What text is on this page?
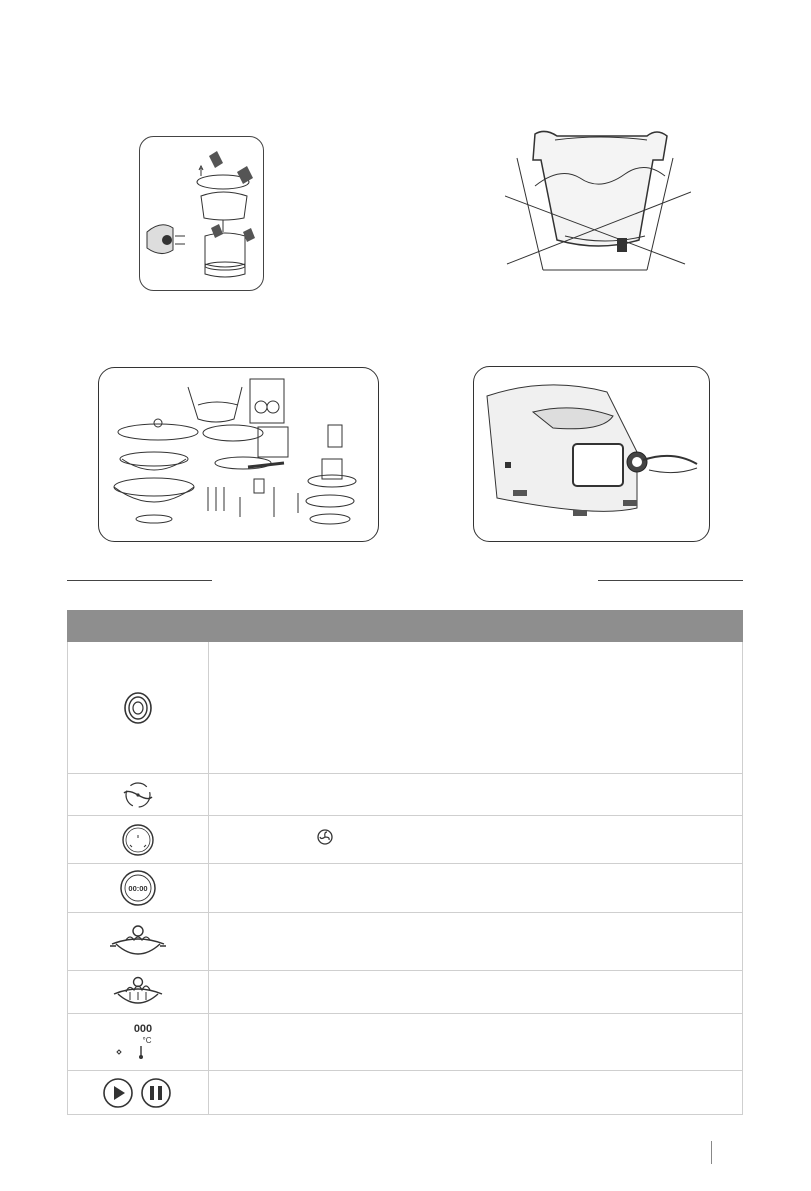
00:00	

000
°C	
